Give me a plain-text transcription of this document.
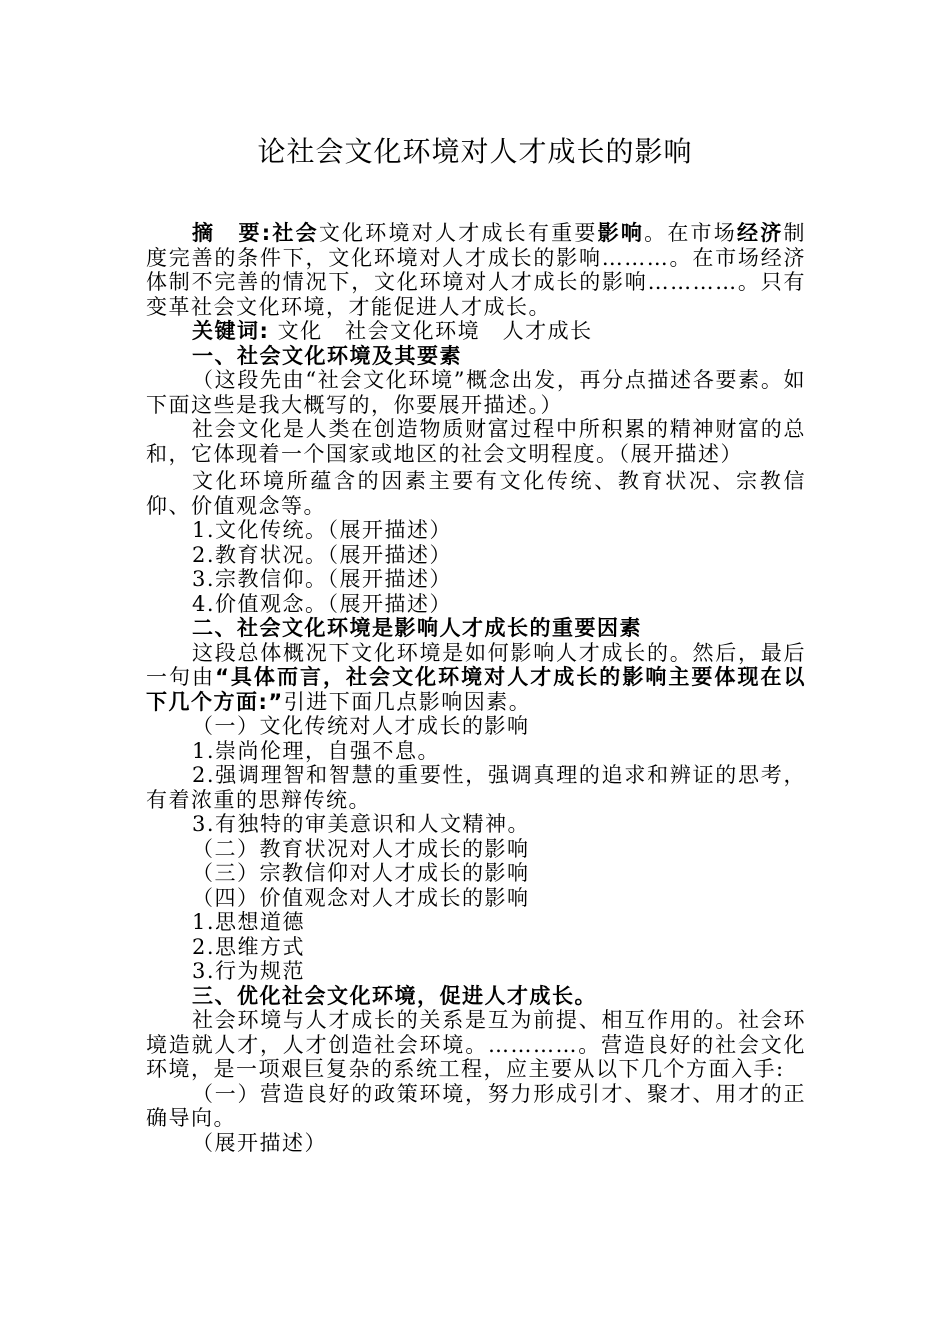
论社会文化环境对人才成长的影响

摘　要:社会文化环境对人才成长有重要影响。在市场经济制度完善的条件下，文化环境对人才成长的影响………。在市场经济体制不完善的情况下，文化环境对人才成长的影响…………。只有变革社会文化环境，才能促进人才成长。

关键词: 文化　社会文化环境　人才成长

一、社会文化环境及其要素

（这段先由“社会文化环境”概念出发，再分点描述各要素。如下面这些是我大概写的，你要展开描述。）

社会文化是人类在创造物质财富过程中所积累的精神财富的总和，它体现着一个国家或地区的社会文明程度。（展开描述）

文化环境所蕴含的因素主要有文化传统、教育状况、宗教信仰、价值观念等。

1.文化传统。（展开描述）

2.教育状况。（展开描述）

3.宗教信仰。（展开描述）

4.价值观念。（展开描述）

二、社会文化环境是影响人才成长的重要因素

这段总体概况下文化环境是如何影响人才成长的。然后，最后一句由“具体而言，社会文化环境对人才成长的影响主要体现在以下几个方面:”引进下面几点影响因素。

（一）文化传统对人才成长的影响

1.崇尚伦理，自强不息。

2.强调理智和智慧的重要性，强调真理的追求和辨证的思考，有着浓重的思辩传统。

3.有独特的审美意识和人文精神。

（二）教育状况对人才成长的影响

（三）宗教信仰对人才成长的影响

（四）价值观念对人才成长的影响

1.思想道德

2.思维方式

3.行为规范

三、优化社会文化环境，促进人才成长。

社会环境与人才成长的关系是互为前提、相互作用的。社会环境造就人才，人才创造社会环境。…………。营造良好的社会文化环境，是一项艰巨复杂的系统工程，应主要从以下几个方面入手:

（一）营造良好的政策环境，努力形成引才、聚才、用才的正确导向。

（展开描述）
